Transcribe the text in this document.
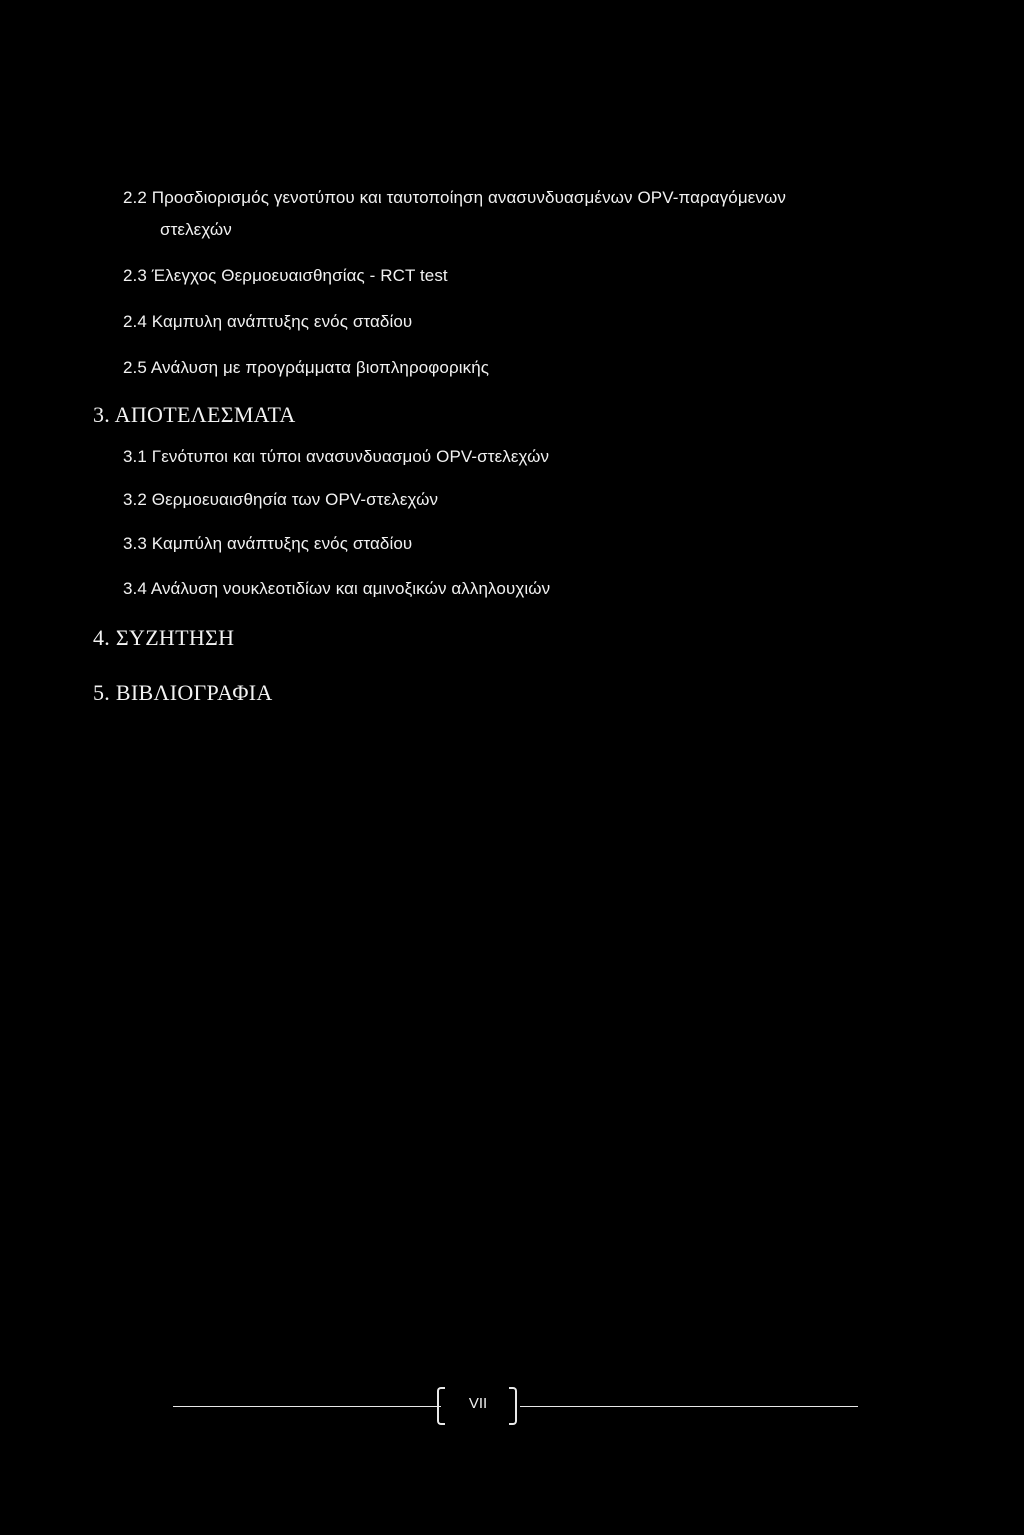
2.2 Προσδιορισμός γενοτύπου και ταυτοποίηση ανασυνδυασμένων OPV-παραγόμενων
στελεχών
2.3 Έλεγχος Θερμοευαισθησίας - RCT test
2.4 Καμπυλη ανάπτυξης ενός σταδίου
2.5 Ανάλυση με προγράμματα βιοπληροφορικής
3. ΑΠΟΤΕΛΕΣΜΑΤΑ
3.1 Γενότυποι και τύποι ανασυνδυασμού OPV-στελεχών
3.2 Θερμοευαισθησία των OPV-στελεχών
3.3 Καμπύλη ανάπτυξης ενός σταδίου
3.4 Ανάλυση νουκλεοτιδίων και αμινοξικών αλληλουχιών
4. ΣΥΖΗΤΗΣΗ
5. ΒΙΒΛΙΟΓΡΑΦΙΑ
VII
